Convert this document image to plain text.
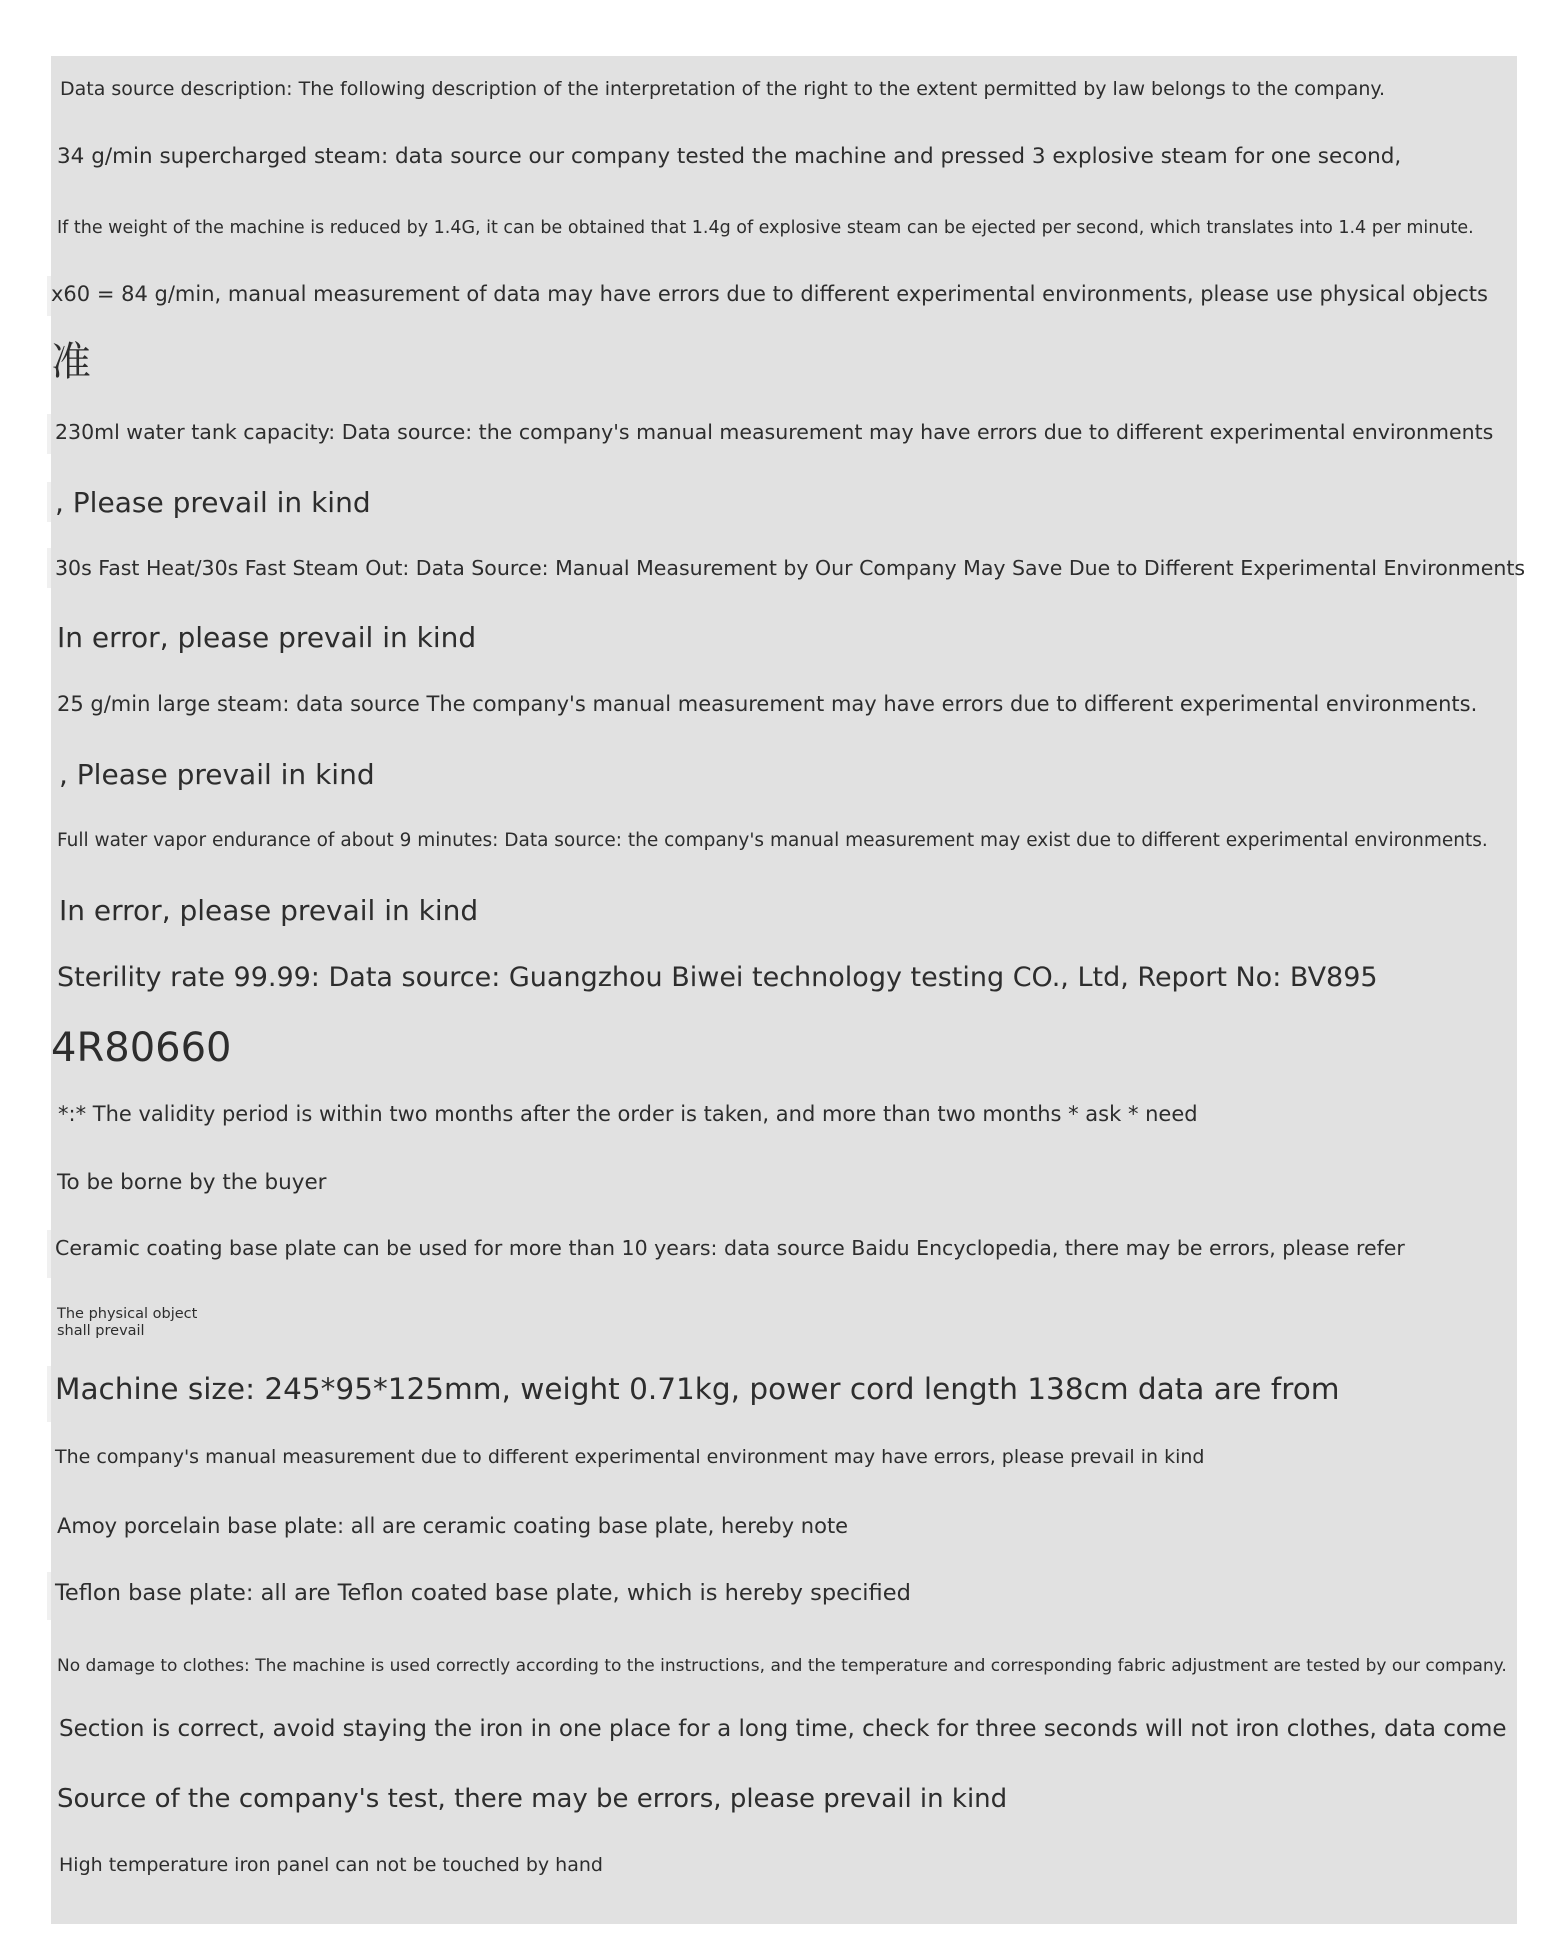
Data source description: The following description of the interpretation of the right to the extent permitted by law belongs to the company.
34 g/min supercharged steam: data source our company tested the machine and pressed 3 explosive steam for one second,
If the weight of the machine is reduced by 1.4G, it can be obtained that 1.4g of explosive steam can be ejected per second, which translates into 1.4 per minute.
x60 = 84 g/min, manual measurement of data may have errors due to different experimental environments, please use physical objects
准
230ml water tank capacity: Data source: the company's manual measurement may have errors due to different experimental environments
, Please prevail in kind
30s Fast Heat/30s Fast Steam Out: Data Source: Manual Measurement by Our Company May Save Due to Different Experimental Environments
In error, please prevail in kind
25 g/min large steam: data source The company's manual measurement may have errors due to different experimental environments.
, Please prevail in kind
Full water vapor endurance of about 9 minutes: Data source: the company's manual measurement may exist due to different experimental environments.
In error, please prevail in kind
Sterility rate 99.99: Data source: Guangzhou Biwei technology testing CO., Ltd, Report No: BV895
4R80660
*:* The validity period is within two months after the order is taken, and more than two months * ask * need
To be borne by the buyer
Ceramic coating base plate can be used for more than 10 years: data source Baidu Encyclopedia, there may be errors, please refer
The physical object
shall prevail
Machine size: 245*95*125mm, weight 0.71kg, power cord length 138cm data are from
The company's manual measurement due to different experimental environment may have errors, please prevail in kind
Amoy porcelain base plate: all are ceramic coating base plate, hereby note
Teflon base plate: all are Teflon coated base plate, which is hereby specified
No damage to clothes: The machine is used correctly according to the instructions, and the temperature and corresponding fabric adjustment are tested by our company.
Section is correct, avoid staying the iron in one place for a long time, check for three seconds will not iron clothes, data come
Source of the company's test, there may be errors, please prevail in kind
High temperature iron panel can not be touched by hand
